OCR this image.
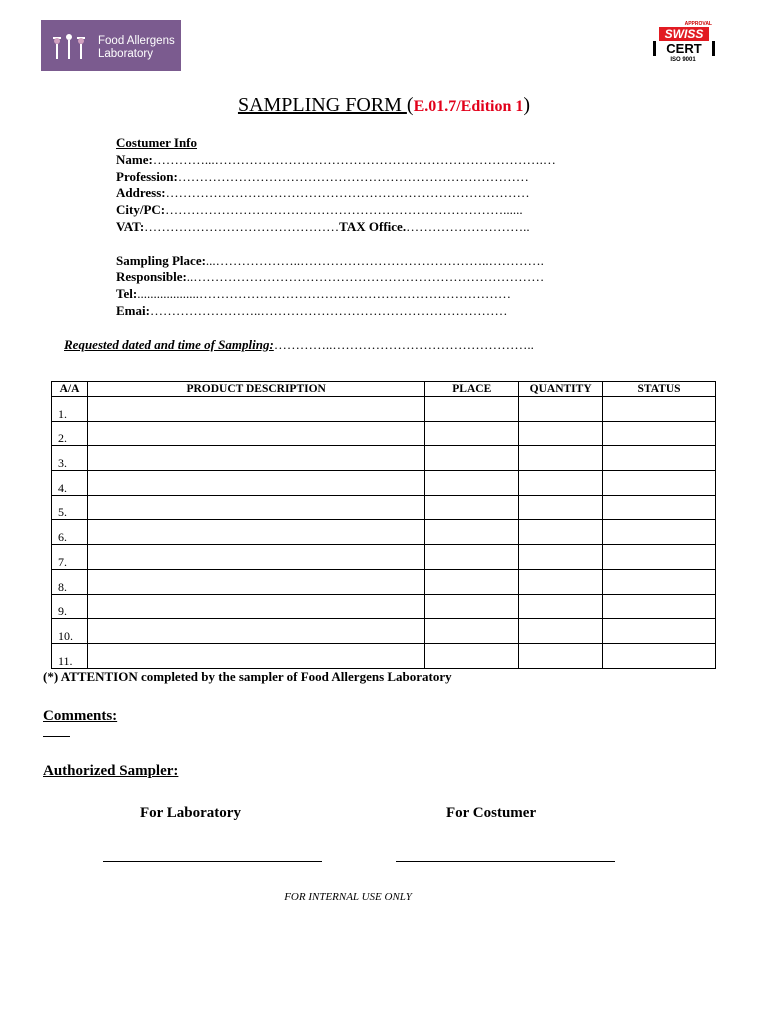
Food Allergens
Laboratory
APPROVAL
SWISS
CERT
ISO 9001
SAMPLING FORM (E.01.7/Edition 1)
Costumer Info
Name:…………...………………………………………………………………….…
Profession:………………………………………………………………………
Address:…………………………………………………………………………
City/PC:……………………………………………………………………......
VAT:………………………………………TAX Office.………………………..
Sampling Place:...………………..……………………………………..………….
Responsible:..………………………………………………………………………
Tel:...................………………………………………………………………
Emai:……………………..…………………………………………………
Requested dated and time of Sampling:…………..………………………………………..
A/A	PRODUCT DESCRIPTION	PLACE	QUANTITY	STATUS
1.				
2.				
3.				
4.				
5.				
6.				
7.				
8.				
9.				
10.				
11.				
(*) ATTENTION completed by the sampler of Food Allergens Laboratory
Comments:
Authorized Sampler:
For Laboratory	For Costumer
FOR INTERNAL USE ONLY
